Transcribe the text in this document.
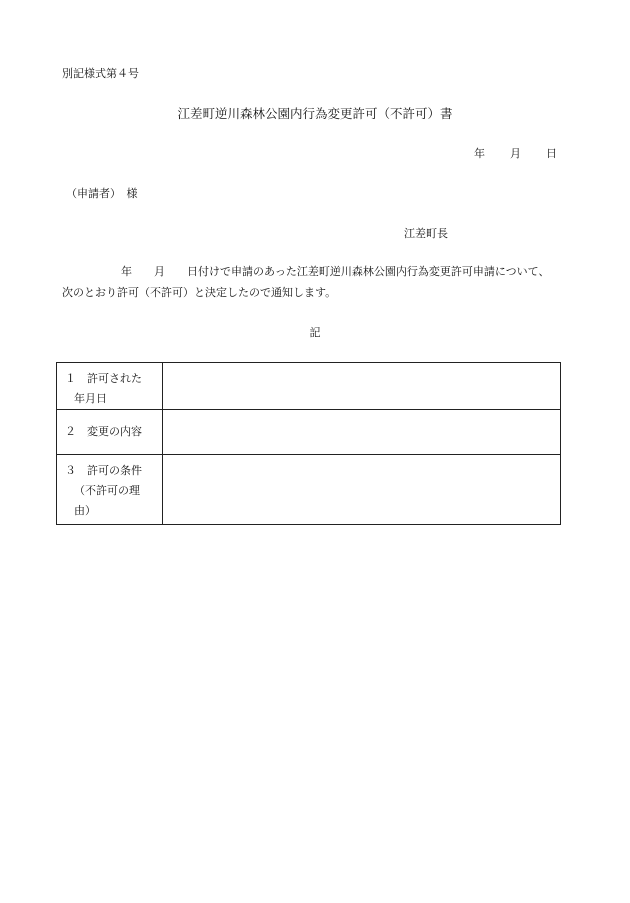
別記様式第４号
江差町逆川森林公園内行為変更許可（不許可）書
年 月 日
（申請者）　様
江差町長
年　　月　　日付けで申請のあった江差町逆川森林公園内行為変更許可申請について、
次のとおり許可（不許可）と決定したので通知します。
記
１　許可された
年月日	

２　変更の内容	

３　許可の条件
（不許可の理
由）	
